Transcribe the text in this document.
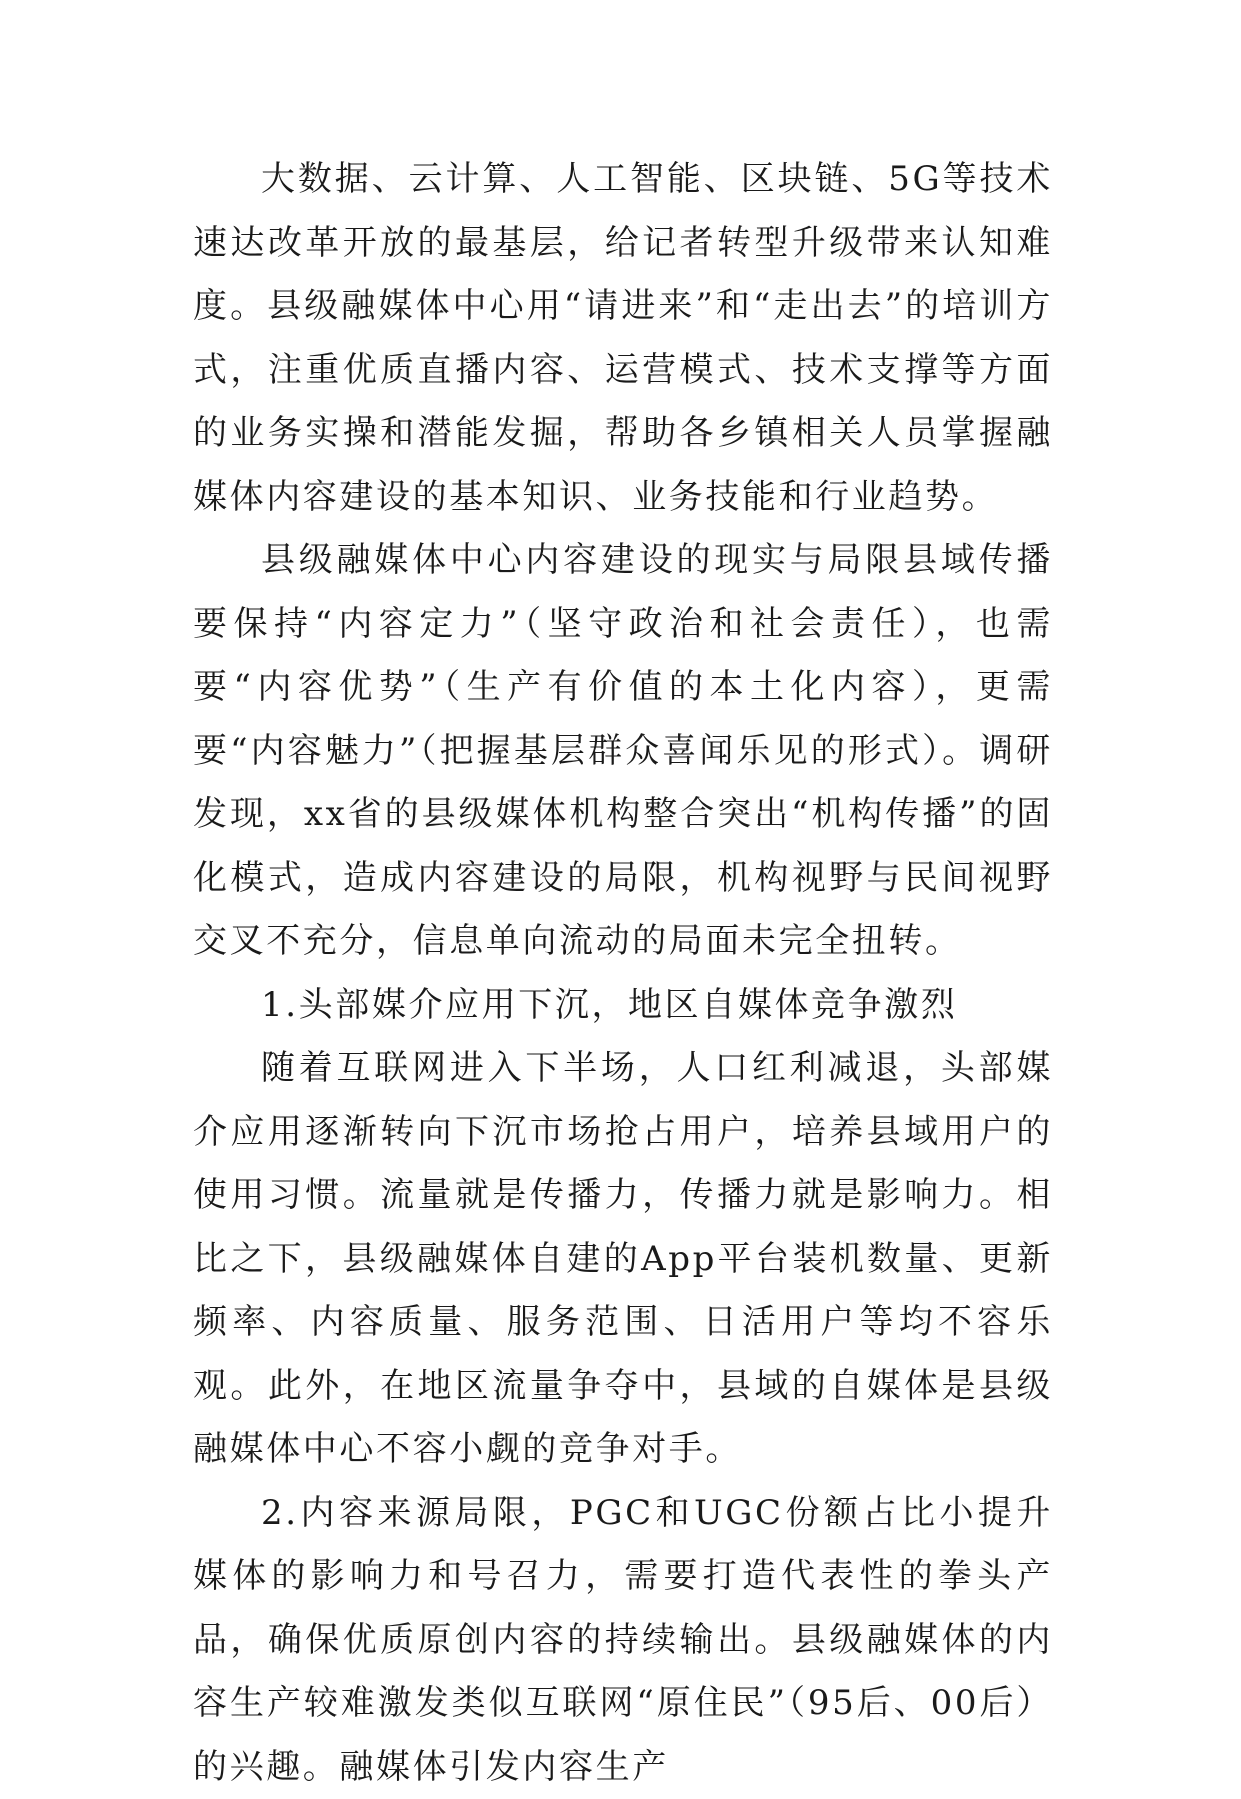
大数据、云计算、人工智能、区块链、5G等技术速达改革开放的最基层，给记者转型升级带来认知难度。县级融媒体中心用“请进来”和“走出去”的培训方式，注重优质直播内容、运营模式、技术支撑等方面的业务实操和潜能发掘，帮助各乡镇相关人员掌握融媒体内容建设的基本知识、业务技能和行业趋势。

县级融媒体中心内容建设的现实与局限县域传播要保持“内容定力”（坚守政治和社会责任），也需要“内容优势”（生产有价值的本土化内容），更需要“内容魅力”（把握基层群众喜闻乐见的形式）。调研发现，xx省的县级媒体机构整合突出“机构传播”的固化模式，造成内容建设的局限，机构视野与民间视野交叉不充分，信息单向流动的局面未完全扭转。

1.头部媒介应用下沉，地区自媒体竞争激烈

随着互联网进入下半场，人口红利减退，头部媒介应用逐渐转向下沉市场抢占用户，培养县域用户的使用习惯。流量就是传播力，传播力就是影响力。相比之下，县级融媒体自建的App平台装机数量、更新频率、内容质量、服务范围、日活用户等均不容乐观。此外，在地区流量争夺中，县域的自媒体是县级融媒体中心不容小觑的竞争对手。

2.内容来源局限，PGC和UGC份额占比小提升媒体的影响力和号召力，需要打造代表性的拳头产品，确保优质原创内容的持续输出。县级融媒体的内容生产较难激发类似互联网“原住民”（95后、00后）的兴趣。融媒体引发内容生产
